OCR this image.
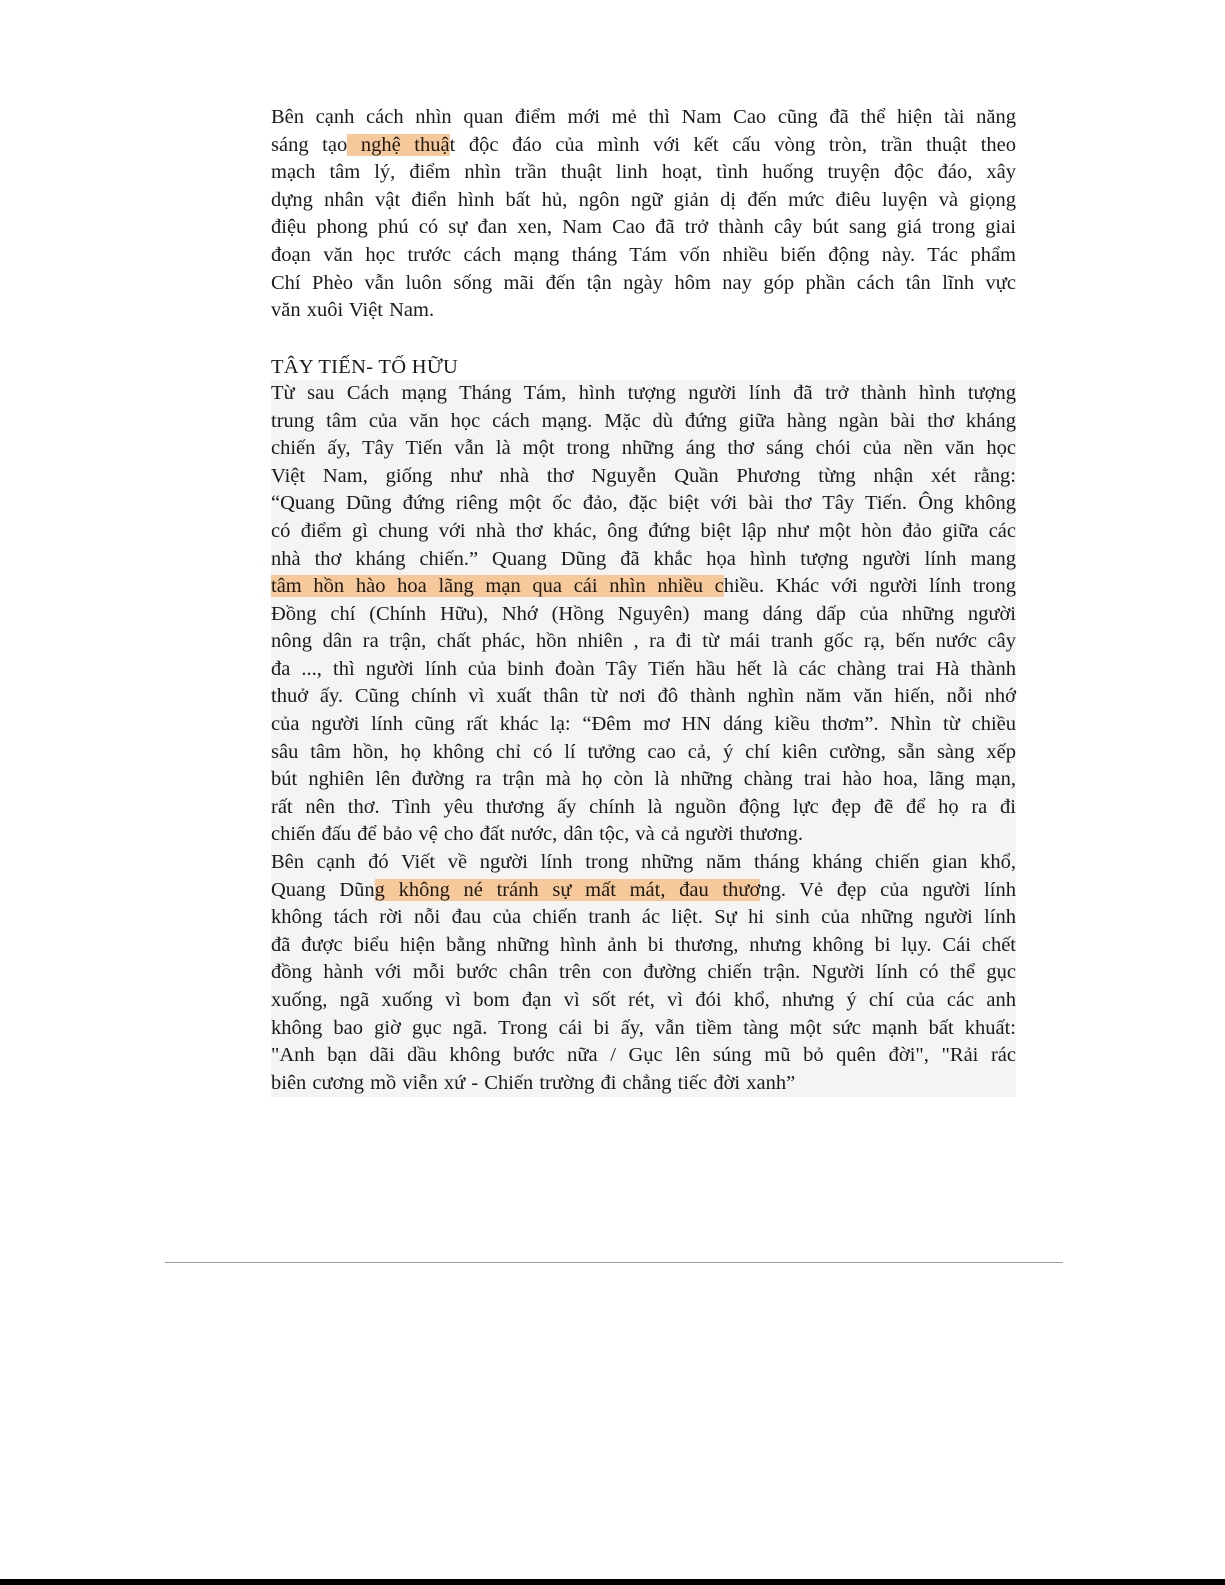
Bên cạnh cách nhìn quan điểm mới mẻ thì Nam Cao cũng đã thể hiện tài năng
sáng tạo nghệ thuật độc đáo của mình với kết cấu vòng tròn, trần thuật theo
mạch tâm lý, điểm nhìn trần thuật linh hoạt, tình huống truyện độc đáo, xây
dựng nhân vật điển hình bất hủ, ngôn ngữ giản dị đến mức điêu luyện và giọng
điệu phong phú có sự đan xen, Nam Cao đã trở thành cây bút sang giá trong giai
đoạn văn học trước cách mạng tháng Tám vốn nhiều biến động này. Tác phẩm
Chí Phèo vẫn luôn sống mãi đến tận ngày hôm nay góp phần cách tân lĩnh vực
văn xuôi Việt Nam.
TÂY TIẾN- TỐ HỮU
Từ sau Cách mạng Tháng Tám, hình tượng người lính đã trở thành hình tượng
trung tâm của văn học cách mạng. Mặc dù đứng giữa hàng ngàn bài thơ kháng
chiến ấy, Tây Tiến vẫn là một trong những áng thơ sáng chói của nền văn học
Việt Nam, giống như nhà thơ Nguyễn Quần Phương từng nhận xét rằng:
“Quang Dũng đứng riêng một ốc đảo, đặc biệt với bài thơ Tây Tiến. Ông không
có điểm gì chung với nhà thơ khác, ông đứng biệt lập như một hòn đảo giữa các
nhà thơ kháng chiến.” Quang Dũng đã khắc họa hình tượng người lính mang
tâm hồn hào hoa lãng mạn qua cái nhìn nhiều chiều. Khác với người lính trong
Đồng chí (Chính Hữu), Nhớ (Hồng Nguyên) mang dáng dấp của những người
nông dân ra trận, chất phác, hồn nhiên , ra đi từ mái tranh gốc rạ, bến nước cây
đa ..., thì người lính của binh đoàn Tây Tiến hầu hết là các chàng trai Hà thành
thuở ấy. Cũng chính vì xuất thân từ nơi đô thành nghìn năm văn hiến, nỗi nhớ
của người lính cũng rất khác lạ: “Đêm mơ HN dáng kiều thơm”. Nhìn từ chiều
sâu tâm hồn, họ không chỉ có lí tưởng cao cả, ý chí kiên cường, sẵn sàng xếp
bút nghiên lên đường ra trận mà họ còn là những chàng trai hào hoa, lãng mạn,
rất nên thơ. Tình yêu thương ấy chính là nguồn động lực đẹp đẽ để họ ra đi
chiến đấu để bảo vệ cho đất nước, dân tộc, và cả người thương.
Bên cạnh đó Viết về người lính trong những năm tháng kháng chiến gian khổ,
Quang Dũng không né tránh sự mất mát, đau thương. Vẻ đẹp của người lính
không tách rời nỗi đau của chiến tranh ác liệt. Sự hi sinh của những người lính
đã được biểu hiện bằng những hình ảnh bi thương, nhưng không bi lụy. Cái chết
đồng hành với mỗi bước chân trên con đường chiến trận. Người lính có thể gục
xuống, ngã xuống vì bom đạn vì sốt rét, vì đói khổ, nhưng ý chí của các anh
không bao giờ gục ngã. Trong cái bi ấy, vẫn tiềm tàng một sức mạnh bất khuất:
"Anh bạn dãi dầu không bước nữa / Gục lên súng mũ bỏ quên đời", "Rải rác
biên cương mồ viễn xứ - Chiến trường đi chẳng tiếc đời xanh”
